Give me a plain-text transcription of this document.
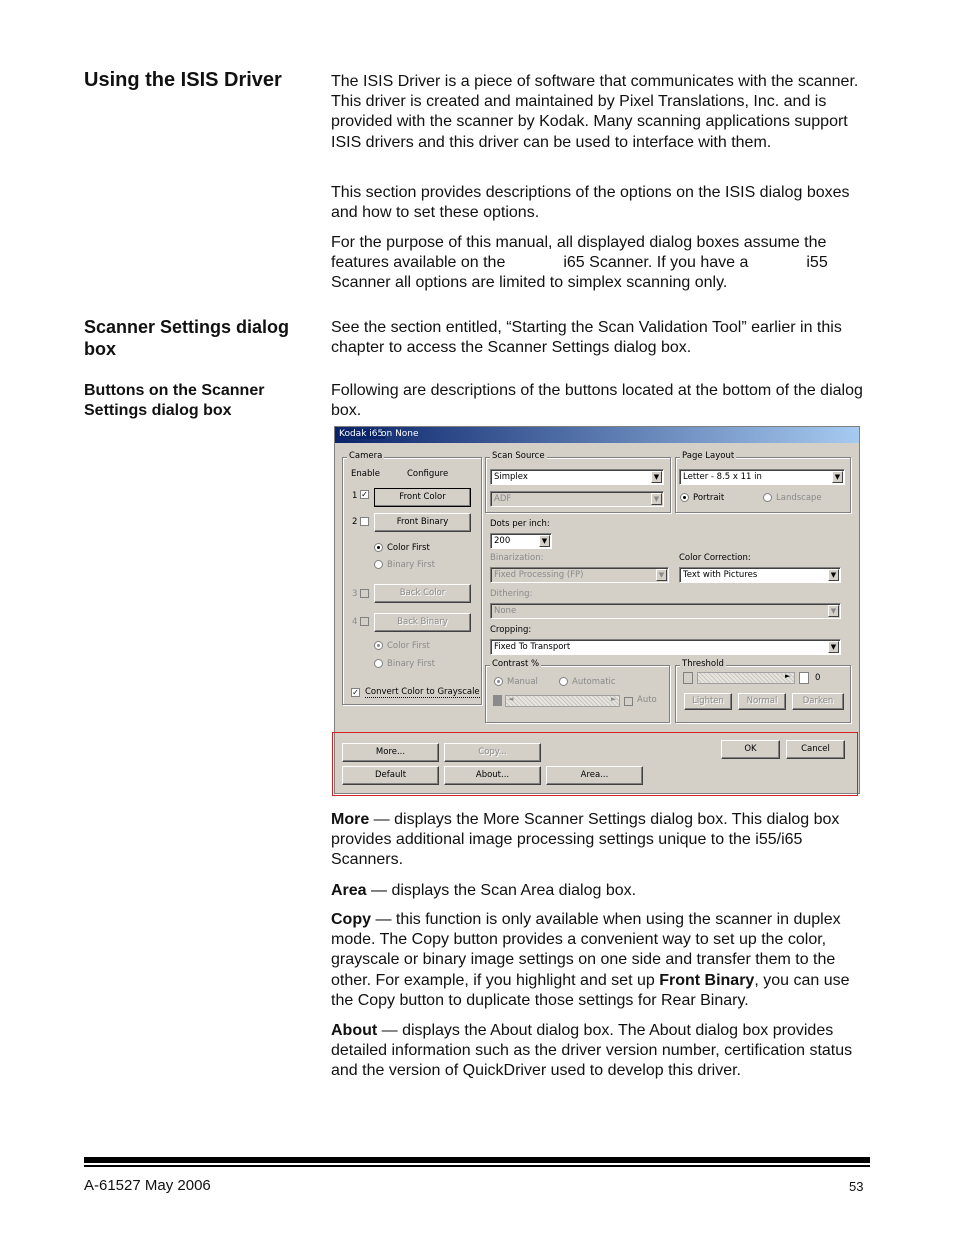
Using the ISIS Driver	The ISIS Driver is a piece of software that communicates with the scanner. This driver is created and maintained by Pixel Translations, Inc. and is provided with the scanner by Kodak. Many scanning applications support ISIS drivers and this driver can be used to interface with them.

This section provides descriptions of the options on the ISIS dialog boxes and how to set these options.

For the purpose of this manual, all displayed dialog boxes assume the features available on the	i65 Scanner. If you have a	i55 Scanner all options are limited to simplex scanning only.

Scanner Settings dialog box

See the section entitled, “Starting the Scan Validation Tool” earlier in this chapter to access the Scanner Settings dialog box.

Buttons on the Scanner Settings dialog box

Following are descriptions of the buttons located at the bottom of the dialog box.

Kodak i65
on None
Camera
Enable	Configure
1 ✓	Front Color
2	Front Binary
Color First
Binary First
3	Back Color
4	Back Binary
Color First
Binary First
✓ Convert Color to Grayscale
Scan Source
Simplex	▼
ADF	▼
Page Layout
Letter - 8.5 x 11 in	▼
Portrait	Landscape
Dots per inch:
200	▼
Binarization:
Fixed Processing (FP)	▼
Color Correction:
Text with Pictures	▼
Dithering:
None	▼
Cropping:
Fixed To Transport	▼
Contrast %
Manual	Automatic
◄	► Auto
Threshold
►	0
Lighten	Normal	Darken
More...	Copy...
Default	About...	Area...
OK	Cancel

More — displays the More Scanner Settings dialog box. This dialog box provides additional image processing settings unique to the i55/i65 Scanners.

Area — displays the Scan Area dialog box.

Copy — this function is only available when using the scanner in duplex mode. The Copy button provides a convenient way to set up the color, grayscale or binary image settings on one side and transfer them to the other. For example, if you highlight and set up Front Binary, you can use the Copy button to duplicate those settings for Rear Binary.

About — displays the About dialog box. The About dialog box provides detailed information such as the driver version number, certification status and the version of QuickDriver used to develop this driver.

A-61527 May 2006	53
